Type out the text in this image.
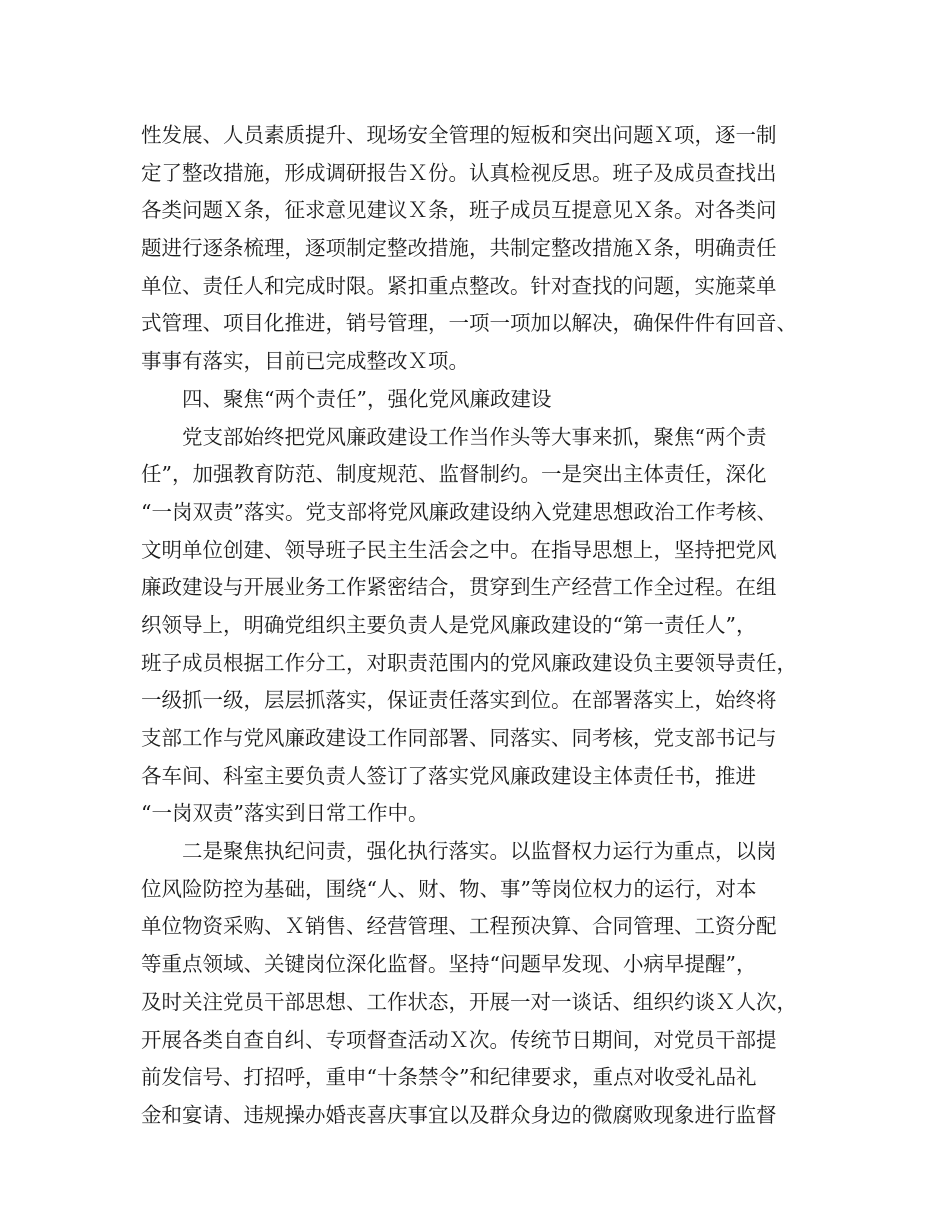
性发展、人员素质提升、现场安全管理的短板和突出问题Ｘ项，逐一制
定了整改措施，形成调研报告Ｘ份。认真检视反思。班子及成员查找出
各类问题Ｘ条，征求意见建议Ｘ条，班子成员互提意见Ｘ条。对各类问
题进行逐条梳理，逐项制定整改措施，共制定整改措施Ｘ条，明确责任
单位、责任人和完成时限。紧扣重点整改。针对查找的问题，实施菜单
式管理、项目化推进，销号管理，一项一项加以解决，确保件件有回音、
事事有落实，目前已完成整改Ｘ项。
四、聚焦“两个责任”，强化党风廉政建设
党支部始终把党风廉政建设工作当作头等大事来抓，聚焦“两个责
任”，加强教育防范、制度规范、监督制约。一是突出主体责任，深化
“一岗双责”落实。党支部将党风廉政建设纳入党建思想政治工作考核、
文明单位创建、领导班子民主生活会之中。在指导思想上，坚持把党风
廉政建设与开展业务工作紧密结合，贯穿到生产经营工作全过程。在组
织领导上，明确党组织主要负责人是党风廉政建设的“第一责任人”，
班子成员根据工作分工，对职责范围内的党风廉政建设负主要领导责任，
一级抓一级，层层抓落实，保证责任落实到位。在部署落实上，始终将
支部工作与党风廉政建设工作同部署、同落实、同考核，党支部书记与
各车间、科室主要负责人签订了落实党风廉政建设主体责任书，推进
“一岗双责”落实到日常工作中。
二是聚焦执纪问责，强化执行落实。以监督权力运行为重点，以岗
位风险防控为基础，围绕“人、财、物、事”等岗位权力的运行，对本
单位物资采购、Ｘ销售、经营管理、工程预决算、合同管理、工资分配
等重点领域、关键岗位深化监督。坚持“问题早发现、小病早提醒”，
及时关注党员干部思想、工作状态，开展一对一谈话、组织约谈Ｘ人次，
开展各类自查自纠、专项督查活动Ｘ次。传统节日期间，对党员干部提
前发信号、打招呼，重申“十条禁令”和纪律要求，重点对收受礼品礼
金和宴请、违规操办婚丧喜庆事宜以及群众身边的微腐败现象进行监督
